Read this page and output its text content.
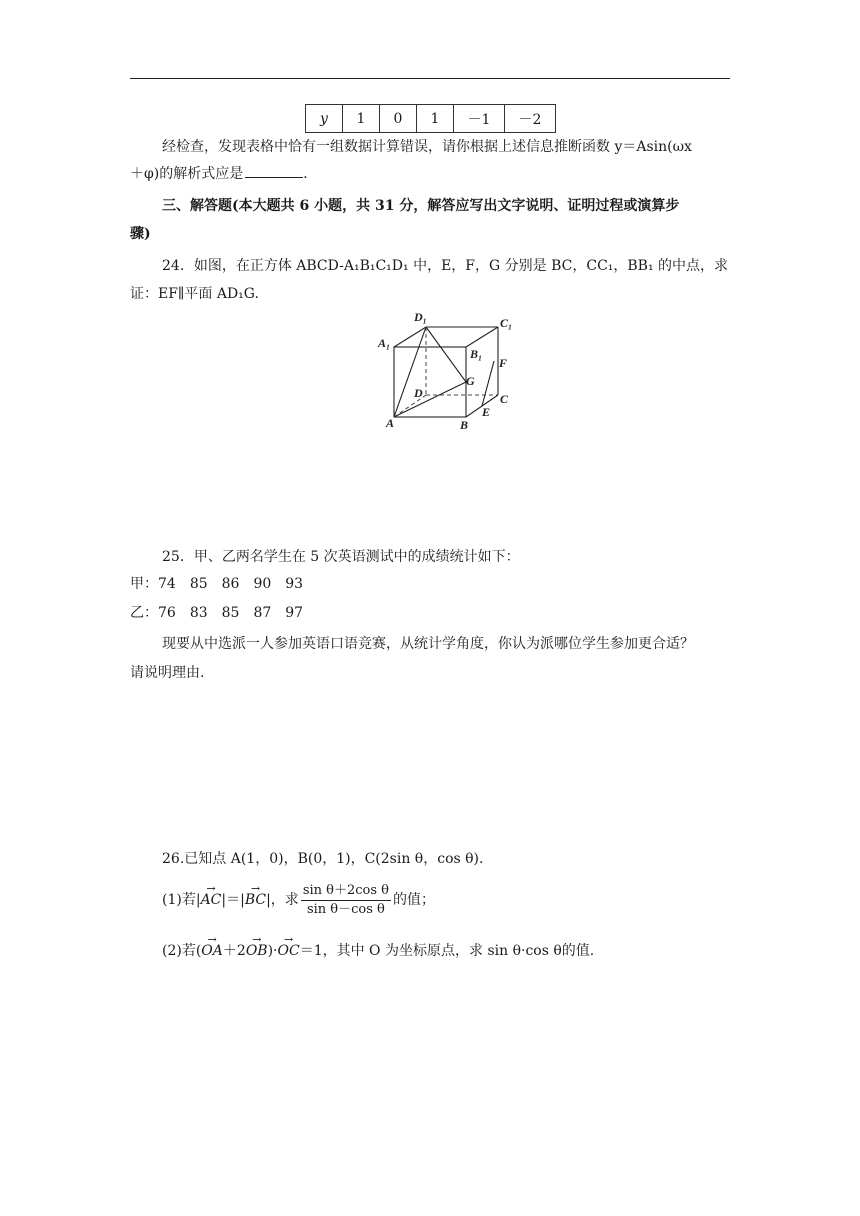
y	1	0	1	－1	－2
经检查，发现表格中恰有一组数据计算错误，请你根据上述信息推断函数 y＝Asin(ωx
＋φ)的解析式应是	．
三、解答题(本大题共 6 小题，共 31 分，解答应写出文字说明、证明过程或演算步
骤)
24．如图，在正方体 ABCD-A₁B₁C₁D₁ 中，E，F，G 分别是 BC，CC₁，BB₁ 的中点，求
证：EF∥平面 AD₁G.
D₁	C₁
A₁
B₁
F
G
D	C
E
A	B
25．甲、乙两名学生在 5 次英语测试中的成绩统计如下：
甲：74　85　86　90　93
乙：76　83　85　87　97
现要从中选派一人参加英语口语竞赛，从统计学角度，你认为派哪位学生参加更合适？
请说明理由.
26.已知点 A(1，0)，B(0，1)，C(2sin θ，cos θ).
(1)若|→ AC|＝|→ BC|，求 $\frac{\text{sin θ＋2cos θ}}{\text{sin θ－cos θ}}$ 的值；
(2)若(→ OA＋2→ OB)·→ OC＝1，其中 O 为坐标原点，求 sin θ·cos θ的值.
